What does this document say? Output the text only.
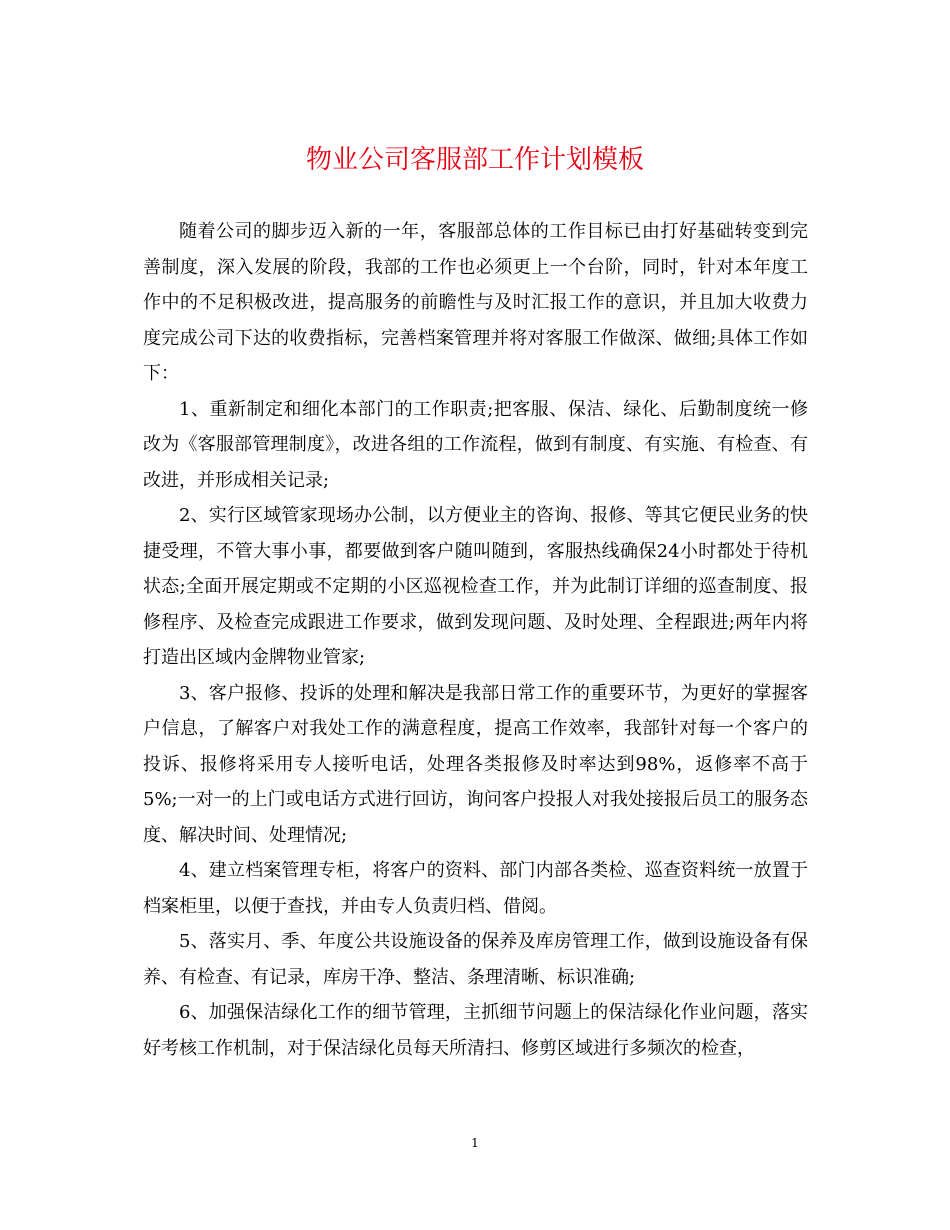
物业公司客服部工作计划模板

随着公司的脚步迈入新的一年，客服部总体的工作目标已由打好基础转变到完善制度，深入发展的阶段，我部的工作也必须更上一个台阶，同时，针对本年度工作中的不足积极改进，提高服务的前瞻性与及时汇报工作的意识，并且加大收费力度完成公司下达的收费指标，完善档案管理并将对客服工作做深、做细;具体工作如下：

1、重新制定和细化本部门的工作职责;把客服、保洁、绿化、后勤制度统一修改为《客服部管理制度》，改进各组的工作流程，做到有制度、有实施、有检查、有改进，并形成相关记录;

2、实行区域管家现场办公制，以方便业主的咨询、报修、等其它便民业务的快捷受理，不管大事小事，都要做到客户随叫随到，客服热线确保24小时都处于待机状态;全面开展定期或不定期的小区巡视检查工作，并为此制订详细的巡查制度、报修程序、及检查完成跟进工作要求，做到发现问题、及时处理、全程跟进;两年内将打造出区域内金牌物业管家;

3、客户报修、投诉的处理和解决是我部日常工作的重要环节，为更好的掌握客户信息，了解客户对我处工作的满意程度，提高工作效率，我部针对每一个客户的投诉、报修将采用专人接听电话，处理各类报修及时率达到98%，返修率不高于5%;一对一的上门或电话方式进行回访，询问客户投报人对我处接报后员工的服务态度、解决时间、处理情况;

4、建立档案管理专柜，将客户的资料、部门内部各类检、巡查资料统一放置于档案柜里，以便于查找，并由专人负责归档、借阅。

5、落实月、季、年度公共设施设备的保养及库房管理工作，做到设施设备有保养、有检查、有记录，库房干净、整洁、条理清晰、标识准确;

6、加强保洁绿化工作的细节管理，主抓细节问题上的保洁绿化作业问题，落实好考核工作机制，对于保洁绿化员每天所清扫、修剪区域进行多频次的检查，

1
